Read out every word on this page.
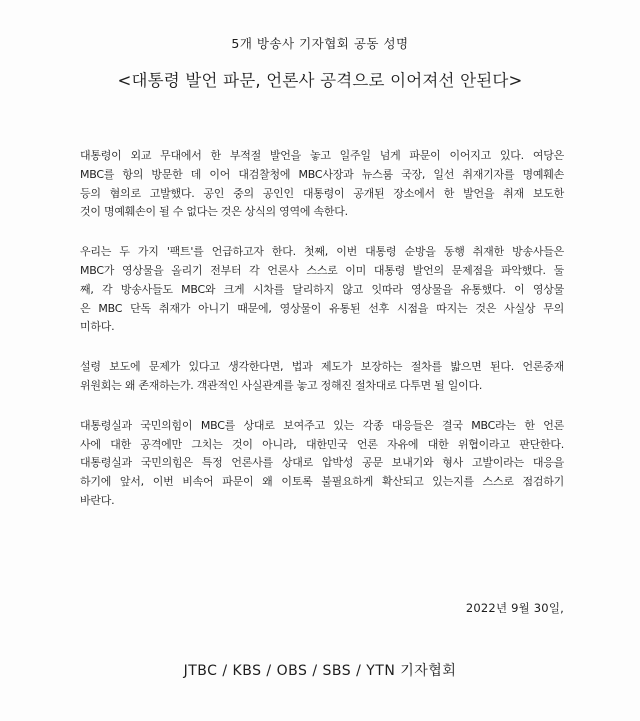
5개 방송사 기자협회 공동 성명
<대통령 발언 파문, 언론사 공격으로 이어져선 안된다>

대통령이 외교 무대에서 한 부적절 발언을 놓고 일주일 넘게 파문이 이어지고 있다. 여당은
MBC를 항의 방문한 데 이어 대검찰청에 MBC사장과 뉴스룸 국장, 일선 취재기자를 명예훼손
등의 혐의로 고발했다. 공인 중의 공인인 대통령이 공개된 장소에서 한 발언을 취재 보도한
것이 명예훼손이 될 수 없다는 것은 상식의 영역에 속한다.

우리는 두 가지 '팩트'를 언급하고자 한다. 첫째, 이번 대통령 순방을 동행 취재한 방송사들은
MBC가 영상물을 올리기 전부터 각 언론사 스스로 이미 대통령 발언의 문제점을 파악했다. 둘
째, 각 방송사들도 MBC와 크게 시차를 달리하지 않고 잇따라 영상물을 유통했다. 이 영상물
은 MBC 단독 취재가 아니기 때문에, 영상물이 유통된 선후 시점을 따지는 것은 사실상 무의
미하다.

설령 보도에 문제가 있다고 생각한다면, 법과 제도가 보장하는 절차를 밟으면 된다. 언론중재
위원회는 왜 존재하는가. 객관적인 사실관계를 놓고 정해진 절차대로 다투면 될 일이다.

대통령실과 국민의힘이 MBC를 상대로 보여주고 있는 각종 대응들은 결국 MBC라는 한 언론
사에 대한 공격에만 그치는 것이 아니라, 대한민국 언론 자유에 대한 위협이라고 판단한다.
대통령실과 국민의힘은 특정 언론사를 상대로 압박성 공문 보내기와 형사 고발이라는 대응을
하기에 앞서, 이번 비속어 파문이 왜 이토록 불필요하게 확산되고 있는지를 스스로 점검하기
바란다.

2022년 9월 30일,
JTBC / KBS / OBS / SBS / YTN 기자협회
